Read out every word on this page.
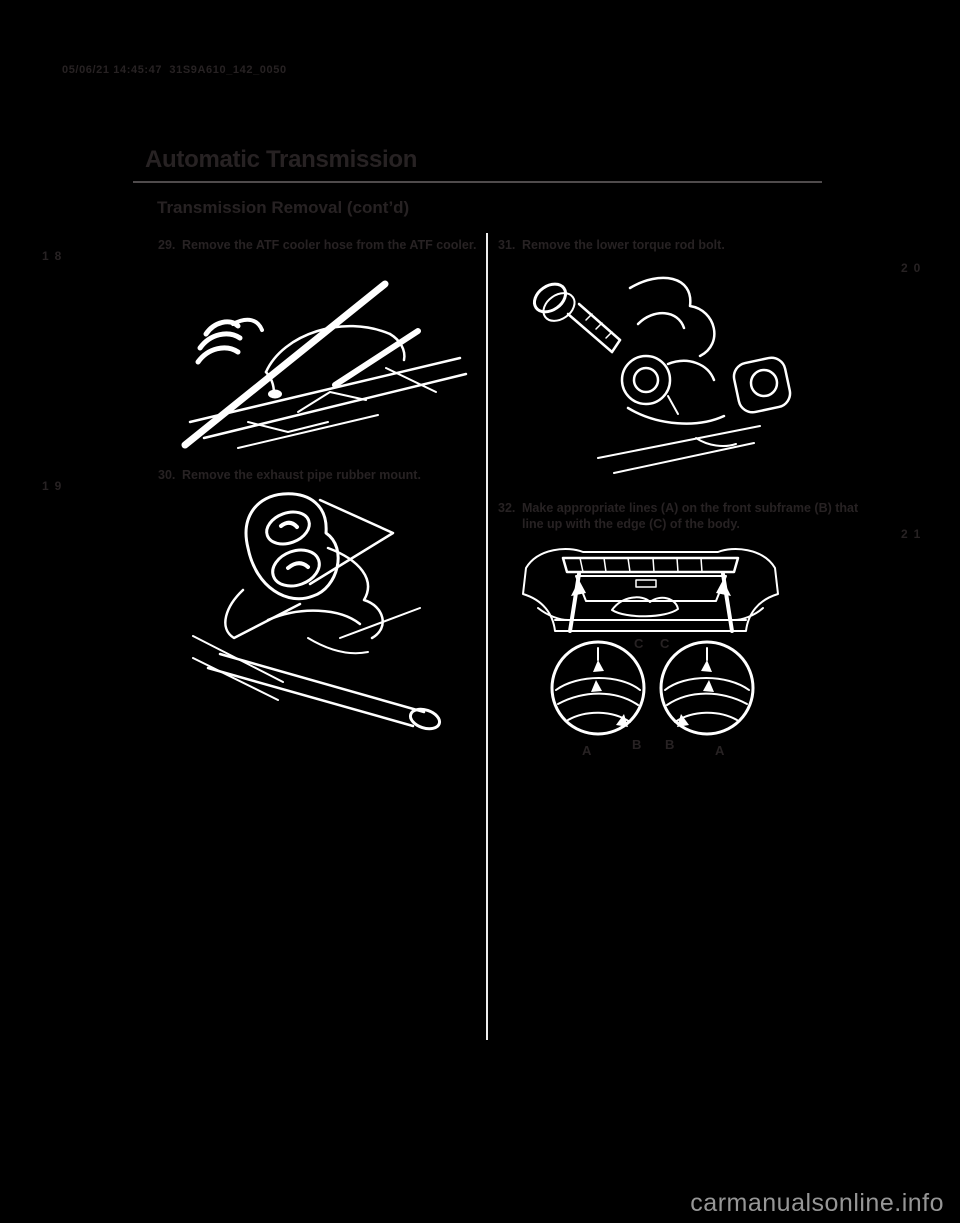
05/06/21 14:45:47  31S9A610_142_0050
Automatic Transmission
Transmission Removal (cont’d)
18
19
20
21
29. Remove the ATF cooler hose from the ATF cooler.
30. Remove the exhaust pipe rubber mount.
31. Remove the lower torque rod bolt.
32. Make appropriate lines (A) on the front subframe (B) that line up with the edge (C) of the body.
C C
A	B B	A
carmanualsonline.info
